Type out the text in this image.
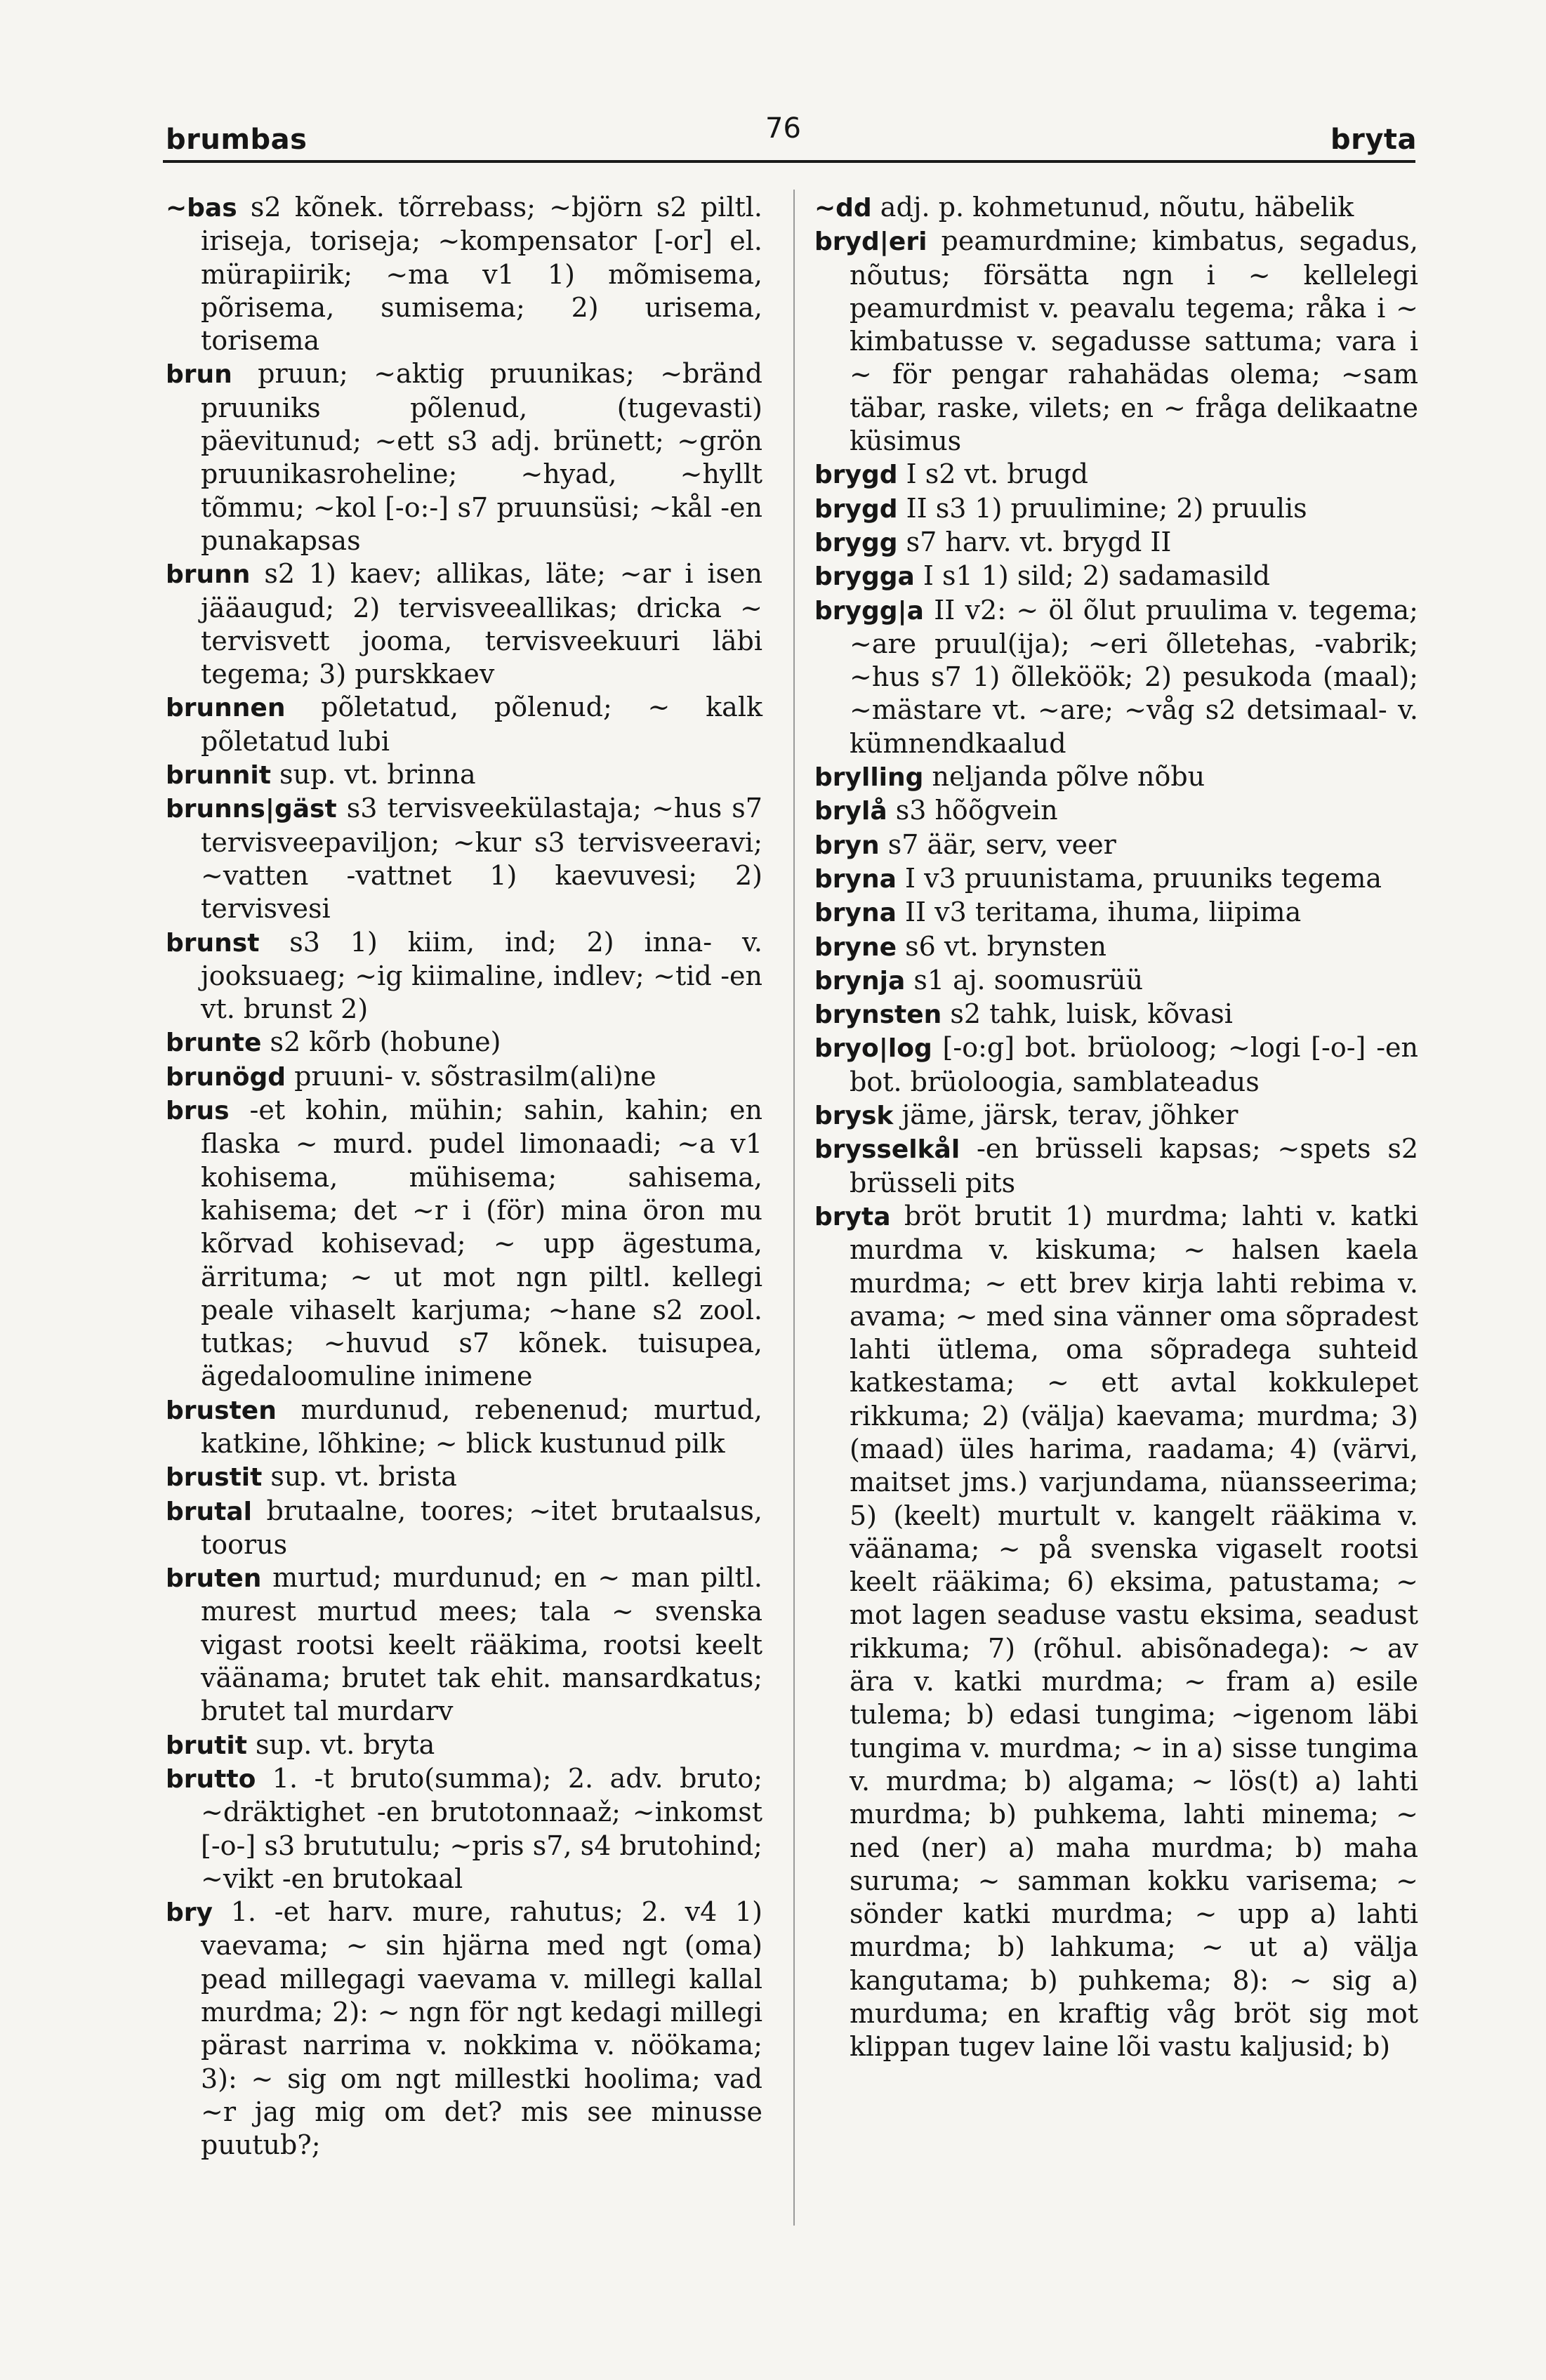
brumbas	bryta
76

~bas s2 kõnek. tõrrebass; ~björn s2 piltl. iriseja, toriseja; ~kompensator [-or] el. mürapiirik; ~ma v1 1) mõmisema, põrisema, sumisema; 2) urisema, torisema

brun pruun; ~aktig pruunikas; ~bränd pruuniks põlenud, (tugevasti) päevitunud; ~ett s3 adj. brünett; ~grön pruunikasroheline; ~hyad, ~hyllt tõmmu; ~kol [-o:-] s7 pruunsüsi; ~kål -en punakapsas

brunn s2 1) kaev; allikas, läte; ~ar i isen jääaugud; 2) tervisveeallikas; dricka ~ tervisvett jooma, tervisveekuuri läbi tegema; 3) purskkaev

brunnen põletatud, põlenud; ~ kalk põletatud lubi

brunnit sup. vt. brinna

brunns|gäst s3 tervisveekülastaja; ~hus s7 tervisveepaviljon; ~kur s3 tervisveeravi; ~vatten -vattnet 1) kaevuvesi; 2) tervisvesi

brunst s3 1) kiim, ind; 2) inna- v. jooksuaeg; ~ig kiimaline, indlev; ~tid -en vt. brunst 2)

brunte s2 kõrb (hobune)

brunögd pruuni- v. sõstrasilm(ali)ne

brus -et kohin, mühin; sahin, kahin; en flaska ~ murd. pudel limonaadi; ~a v1 kohisema, mühisema; sahisema, kahisema; det ~r i (för) mina öron mu kõrvad kohisevad; ~ upp ägestuma, ärrituma; ~ ut mot ngn piltl. kellegi peale vihaselt karjuma; ~hane s2 zool. tutkas; ~huvud s7 kõnek. tuisupea, ägedaloomuline inimene

brusten murdunud, rebenenud; murtud, katkine, lõhkine; ~ blick kustunud pilk

brustit sup. vt. brista

brutal brutaalne, toores; ~itet brutaalsus, toorus

bruten murtud; murdunud; en ~ man piltl. murest murtud mees; tala ~ svenska vigast rootsi keelt rääkima, rootsi keelt väänama; brutet tak ehit. mansardkatus; brutet tal murdarv

brutit sup. vt. bryta

brutto 1. -t bruto(summa); 2. adv. bruto; ~dräktighet -en brutotonnaaž; ~inkomst [-o-] s3 brututulu; ~pris s7, s4 brutohind; ~vikt -en brutokaal

bry 1. -et harv. mure, rahutus; 2. v4 1) vaevama; ~ sin hjärna med ngt (oma) pead millegagi vaevama v. millegi kallal murdma; 2): ~ ngn för ngt kedagi millegi pärast narrima v. nokkima v. nöökama; 3): ~ sig om ngt millestki hoolima; vad ~r jag mig om det? mis see minusse puutub?;

~dd adj. p. kohmetunud, nõutu, häbelik

bryd|eri peamurdmine; kimbatus, segadus, nõutus; försätta ngn i ~ kellelegi peamurdmist v. peavalu tegema; råka i ~ kimbatusse v. segadusse sattuma; vara i ~ för pengar rahahädas olema; ~sam täbar, raske, vilets; en ~ fråga delikaatne küsimus

brygd I s2 vt. brugd

brygd II s3 1) pruulimine; 2) pruulis

brygg s7 harv. vt. brygd II

brygga I s1 1) sild; 2) sadamasild

brygg|a II v2: ~ öl õlut pruulima v. tegema; ~are pruul(ija); ~eri õlletehas, -vabrik; ~hus s7 1) õlleköök; 2) pesukoda (maal); ~mästare vt. ~are; ~våg s2 detsimaal- v. kümnendkaalud

brylling neljanda põlve nõbu

brylå s3 hõõgvein

bryn s7 äär, serv, veer

bryna I v3 pruunistama, pruuniks tegema

bryna II v3 teritama, ihuma, liipima

bryne s6 vt. brynsten

brynja s1 aj. soomusrüü

brynsten s2 tahk, luisk, kõvasi

bryo|log [-o:g] bot. brüoloog; ~logi [-o-] -en bot. brüoloogia, samblateadus

brysk jäme, järsk, terav, jõhker

brysselkål -en brüsseli kapsas; ~spets s2 brüsseli pits

bryta bröt brutit 1) murdma; lahti v. katki murdma v. kiskuma; ~ halsen kaela murdma; ~ ett brev kirja lahti rebima v. avama; ~ med sina vänner oma sõpradest lahti ütlema, oma sõpradega suhteid katkestama; ~ ett avtal kokkulepet rikkuma; 2) (välja) kaevama; murdma; 3) (maad) üles harima, raadama; 4) (värvi, maitset jms.) varjundama, nüansseerima; 5) (keelt) murtult v. kangelt rääkima v. väänama; ~ på svenska vigaselt rootsi keelt rääkima; 6) eksima, patustama; ~ mot lagen seaduse vastu eksima, seadust rikkuma; 7) (rõhul. abisõnadega): ~ av ära v. katki murdma; ~ fram a) esile tulema; b) edasi tungima; ~igenom läbi tungima v. murdma; ~ in a) sisse tungima v. murdma; b) algama; ~ lös(t) a) lahti murdma; b) puhkema, lahti minema; ~ ned (ner) a) maha murdma; b) maha suruma; ~ samman kokku varisema; ~ sönder katki murdma; ~ upp a) lahti murdma; b) lahkuma; ~ ut a) välja kangutama; b) puhkema; 8): ~ sig a) murduma; en kraftig våg bröt sig mot klippan tugev laine lõi vastu kaljusid; b)
